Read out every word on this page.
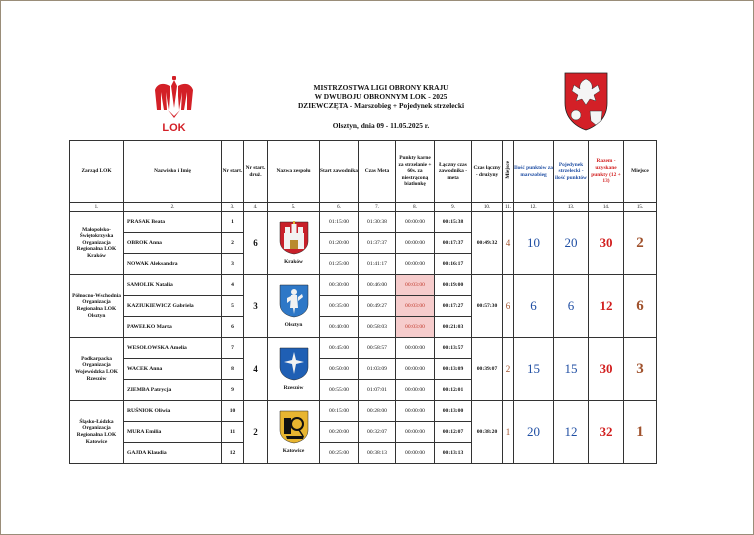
LOK
MISTRZOSTWA LIGI OBRONY KRAJU
W DWUBOJU OBRONNYM LOK - 2025
DZIEWCZĘTA - Marszobieg + Pojedynek strzelecki
Olsztyn, dnia 09 - 11.05.2025 r.
Zarząd LOK	Nazwisko i Imię	Nr start.	Nr start. druż.	Nazwa zespołu	Start zawodnika	Czas Meta	Punkty karne za strzelanie + 60s. za niestrąconą biatlonkę	Łączny czas zawodnika - meta	Czas łączny - drużyny	Miejsce	Ilość punktów za marszobieg	Pojedynek strzelecki - ilość punktów	Razem - uzyskane punkty (12 + 13)	Miejsce
1.	2.	3.	4.	5.	6.	7.	8.	9.	10.	11.	12.	13.	14.	15.
Małopolsko-Świętokrzyska Organizacja Regionalna LOK Kraków	PRASAK Beata	1	6	Kraków	01:15:00	01:30:38	00:00:00	00:15:38	00:49:32	4	10	20	30	2
	OBROK Anna	2			01:20:00	01:37:37	00:00:00	00:17:37						
	NOWAK Aleksandra	3			01:25:00	01:41:17	00:00:00	00:16:17						
Północno-Wschodnia Organizacja Regionalna LOK Olsztyn	SAMOLIK Natalia	4	3	Olsztyn	00:30:00	00:46:00	00:03:00	00:19:00	00:57:30	6	6	6	12	6
	KAZIUKIEWICZ Gabriela	5			00:35:00	00:49:27	00:03:00	00:17:27						
	PAWEŁKO Marta	6			00:40:00	00:58:03	00:03:00	00:21:03						
Podkarpacka Organizacja Wojewódzka LOK Rzeszów	WESOŁOWSKA Amelia	7	4	Rzeszów	00:45:00	00:58:57	00:00:00	00:13:57	00:39:07	2	15	15	30	3
	WACEK Anna	8			00:50:00	01:03:09	00:00:00	00:13:09						
	ZIEMBA Patrycja	9			00:55:00	01:07:01	00:00:00	00:12:01						
Śląsko-Łódzka Organizacja Regionalna LOK Katowice	RUŚNIOK Oliwia	10	2	Katowice	00:15:00	00:28:00	00:00:00	00:13:00	00:38:20	1	20	12	32	1
	MURA Emilia	11			00:20:00	00:32:07	00:00:00	00:12:07						
	GAJDA Klaudia	12			00:25:00	00:38:13	00:00:00	00:13:13						
